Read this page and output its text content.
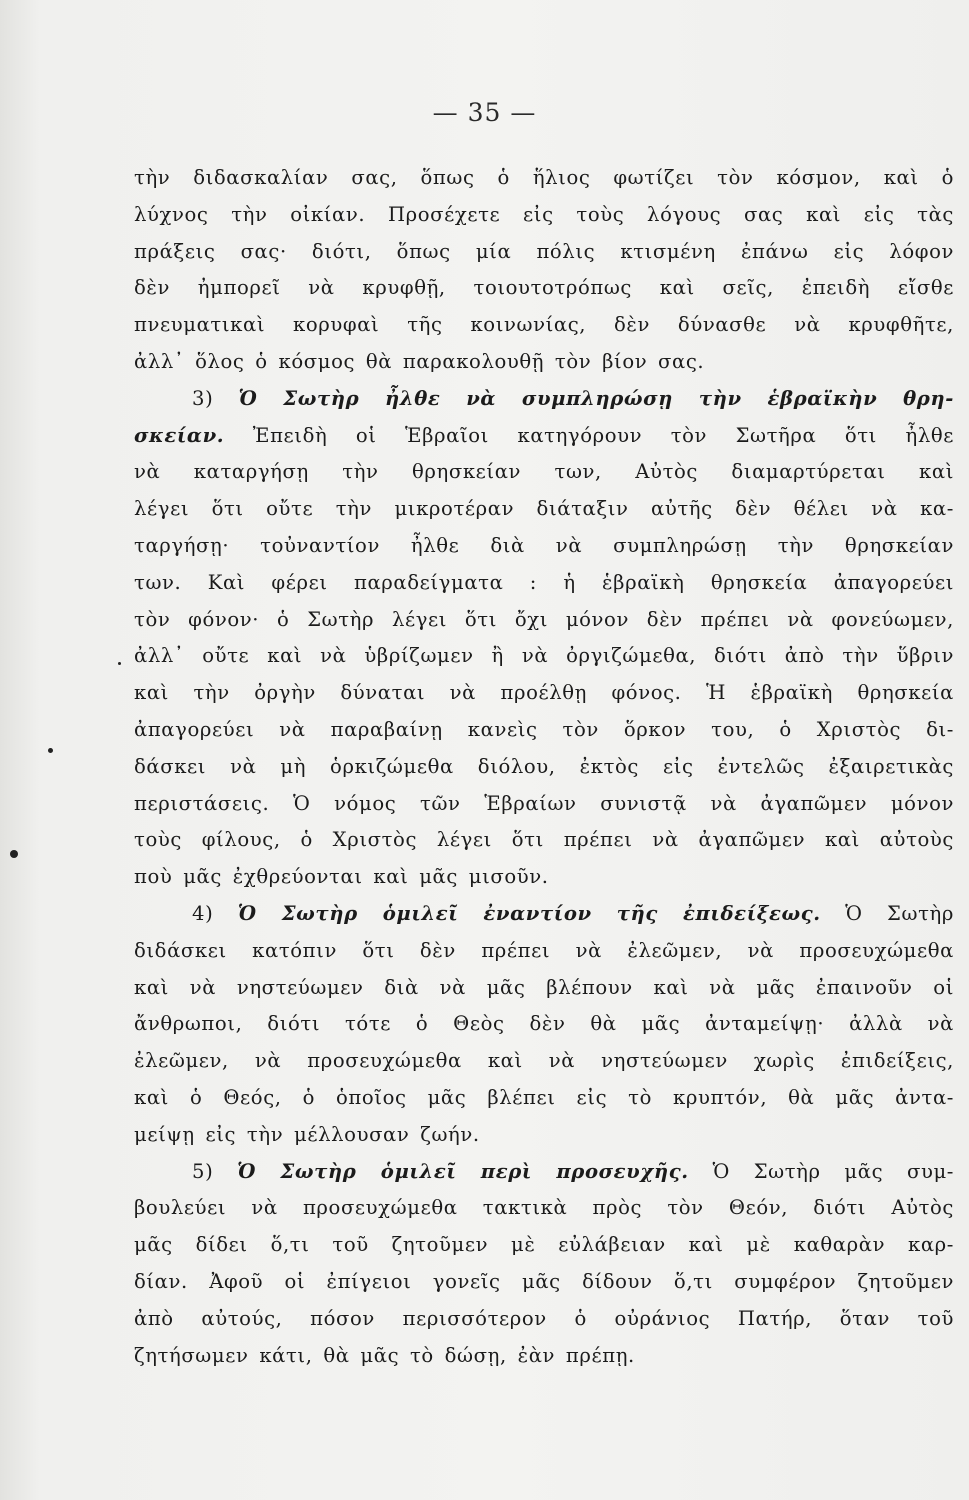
— 35 —
τὴν διδασκαλίαν σας, ὅπως ὁ ἥλιος φωτίζει τὸν κόσμον, καὶ ὁ
λύχνος τὴν οἰκίαν. Προσέχετε εἰς τοὺς λόγους σας καὶ εἰς τὰς
πράξεις σας· διότι, ὅπως μία πόλις κτισμένη ἐπάνω εἰς λόφον
δὲν ἠμπορεῖ νὰ κρυφθῇ, τοιουτοτρόπως καὶ σεῖς, ἐπειδὴ εἴσθε
πνευματικαὶ κορυφαὶ τῆς κοινωνίας, δὲν δύνασθε νὰ κρυφθῆτε,
ἀλλ᾽ ὅλος ὁ κόσμος θὰ παρακολουθῇ τὸν βίον σας.
3) Ὁ Σωτὴρ ἦλθε νὰ συμπληρώσῃ τὴν ἑβραϊκὴν θρη-
σκείαν. Ἐπειδὴ οἱ Ἑβραῖοι κατηγόρουν τὸν Σωτῆρα ὅτι ἦλθε
νὰ καταργήσῃ τὴν θρησκείαν των, Αὐτὸς διαμαρτύρεται καὶ
λέγει ὅτι οὔτε τὴν μικροτέραν διάταξιν αὐτῆς δὲν θέλει νὰ κα-
ταργήσῃ· τοὐναντίον ἦλθε διὰ νὰ συμπληρώσῃ τὴν θρησκείαν
των. Καὶ φέρει παραδείγματα : ἡ ἑβραϊκὴ θρησκεία ἀπαγορεύει
τὸν φόνον· ὁ Σωτὴρ λέγει ὅτι ὄχι μόνον δὲν πρέπει νὰ φονεύωμεν,
ἀλλ᾽ οὔτε καὶ νὰ ὑβρίζωμεν ἢ νὰ ὀργιζώμεθα, διότι ἀπὸ τὴν ὕβριν
καὶ τὴν ὀργὴν δύναται νὰ προέλθῃ φόνος. Ἡ ἑβραϊκὴ θρησκεία
ἀπαγορεύει νὰ παραβαίνῃ κανεὶς τὸν ὅρκον του, ὁ Χριστὸς δι-
δάσκει νὰ μὴ ὁρκιζώμεθα διόλου, ἐκτὸς εἰς ἐντελῶς ἐξαιρετικὰς
περιστάσεις. Ὁ νόμος τῶν Ἑβραίων συνιστᾷ νὰ ἀγαπῶμεν μόνον
τοὺς φίλους, ὁ Χριστὸς λέγει ὅτι πρέπει νὰ ἀγαπῶμεν καὶ αὐτοὺς
ποὺ μᾶς ἐχθρεύονται καὶ μᾶς μισοῦν.
4) Ὁ Σωτὴρ ὁμιλεῖ ἐναντίον τῆς ἐπιδείξεως. Ὁ Σωτὴρ
διδάσκει κατόπιν ὅτι δὲν πρέπει νὰ ἐλεῶμεν, νὰ προσευχώμεθα
καὶ νὰ νηστεύωμεν διὰ νὰ μᾶς βλέπουν καὶ νὰ μᾶς ἐπαινοῦν οἱ
ἄνθρωποι, διότι τότε ὁ Θεὸς δὲν θὰ μᾶς ἀνταμείψῃ· ἀλλὰ νὰ
ἐλεῶμεν, νὰ προσευχώμεθα καὶ νὰ νηστεύωμεν χωρὶς ἐπιδείξεις,
καὶ ὁ Θεός, ὁ ὁποῖος μᾶς βλέπει εἰς τὸ κρυπτόν, θὰ μᾶς ἀντα-
μείψῃ εἰς τὴν μέλλουσαν ζωήν.
5) Ὁ Σωτὴρ ὁμιλεῖ περὶ προσευχῆς. Ὁ Σωτὴρ μᾶς συμ-
βουλεύει νὰ προσευχώμεθα τακτικὰ πρὸς τὸν Θεόν, διότι Αὐτὸς
μᾶς δίδει ὅ,τι τοῦ ζητοῦμεν μὲ εὐλάβειαν καὶ μὲ καθαρὰν καρ-
δίαν. Ἀφοῦ οἱ ἐπίγειοι γονεῖς μᾶς δίδουν ὅ,τι συμφέρον ζητοῦμεν
ἀπὸ αὐτούς, πόσον περισσότερον ὁ οὐράνιος Πατήρ, ὅταν τοῦ
ζητήσωμεν κάτι, θὰ μᾶς τὸ δώσῃ, ἐὰν πρέπῃ.
